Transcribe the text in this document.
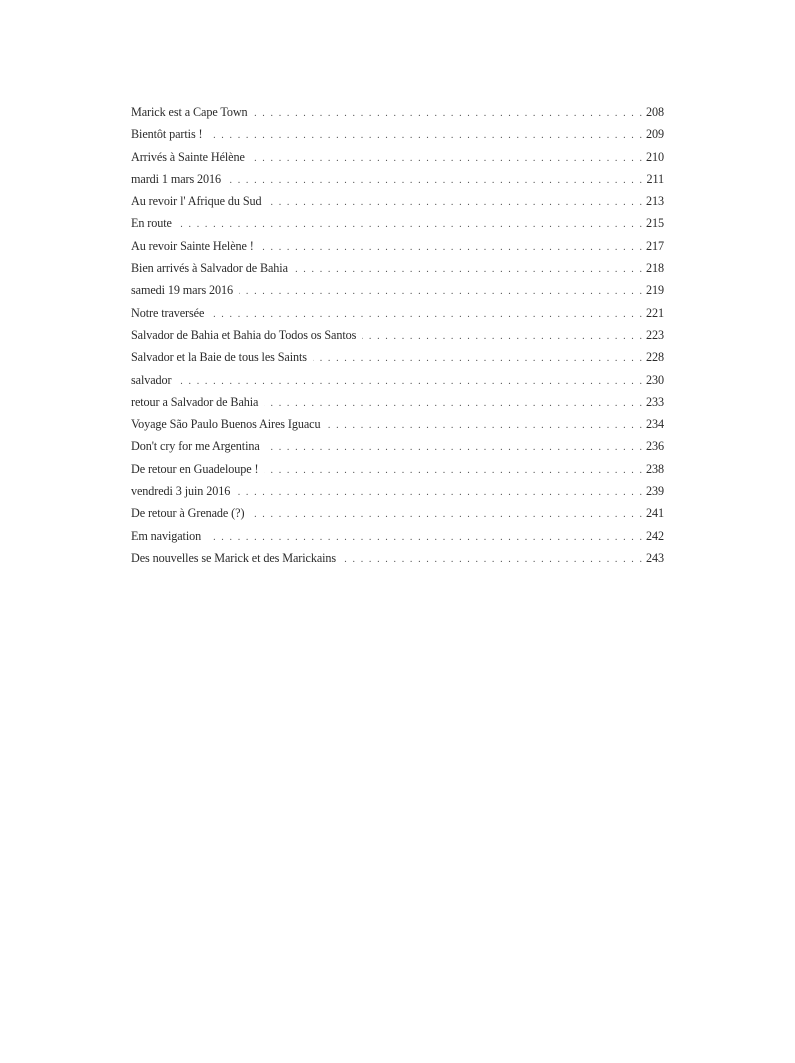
Marick est a Cape Town . . .	208
Bientôt partis ! . . .	209
Arrivés à Sainte Hélène . . .	210
mardi 1 mars 2016 . . .	211
Au revoir l' Afrique du Sud . . .	213
En route . . .	215
Au revoir Sainte Helène ! . . .	217
Bien arrivés à Salvador de Bahia . . .	218
samedi 19 mars 2016 . . .	219
Notre traversée . . .	221
Salvador de Bahia et Bahia do Todos os Santos . . .	223
Salvador et la Baie de tous les Saints . . .	228
salvador . . .	230
retour a Salvador de Bahia . . .	233
Voyage São Paulo Buenos Aires Iguacu . . .	234
Don't cry for me Argentina . . .	236
De retour en Guadeloupe ! . . .	238
vendredi 3 juin 2016 . . .	239
De retour à Grenade (?) . . .	241
Em navigation . . .	242
Des nouvelles se Marick et des Marickains . . .	243
